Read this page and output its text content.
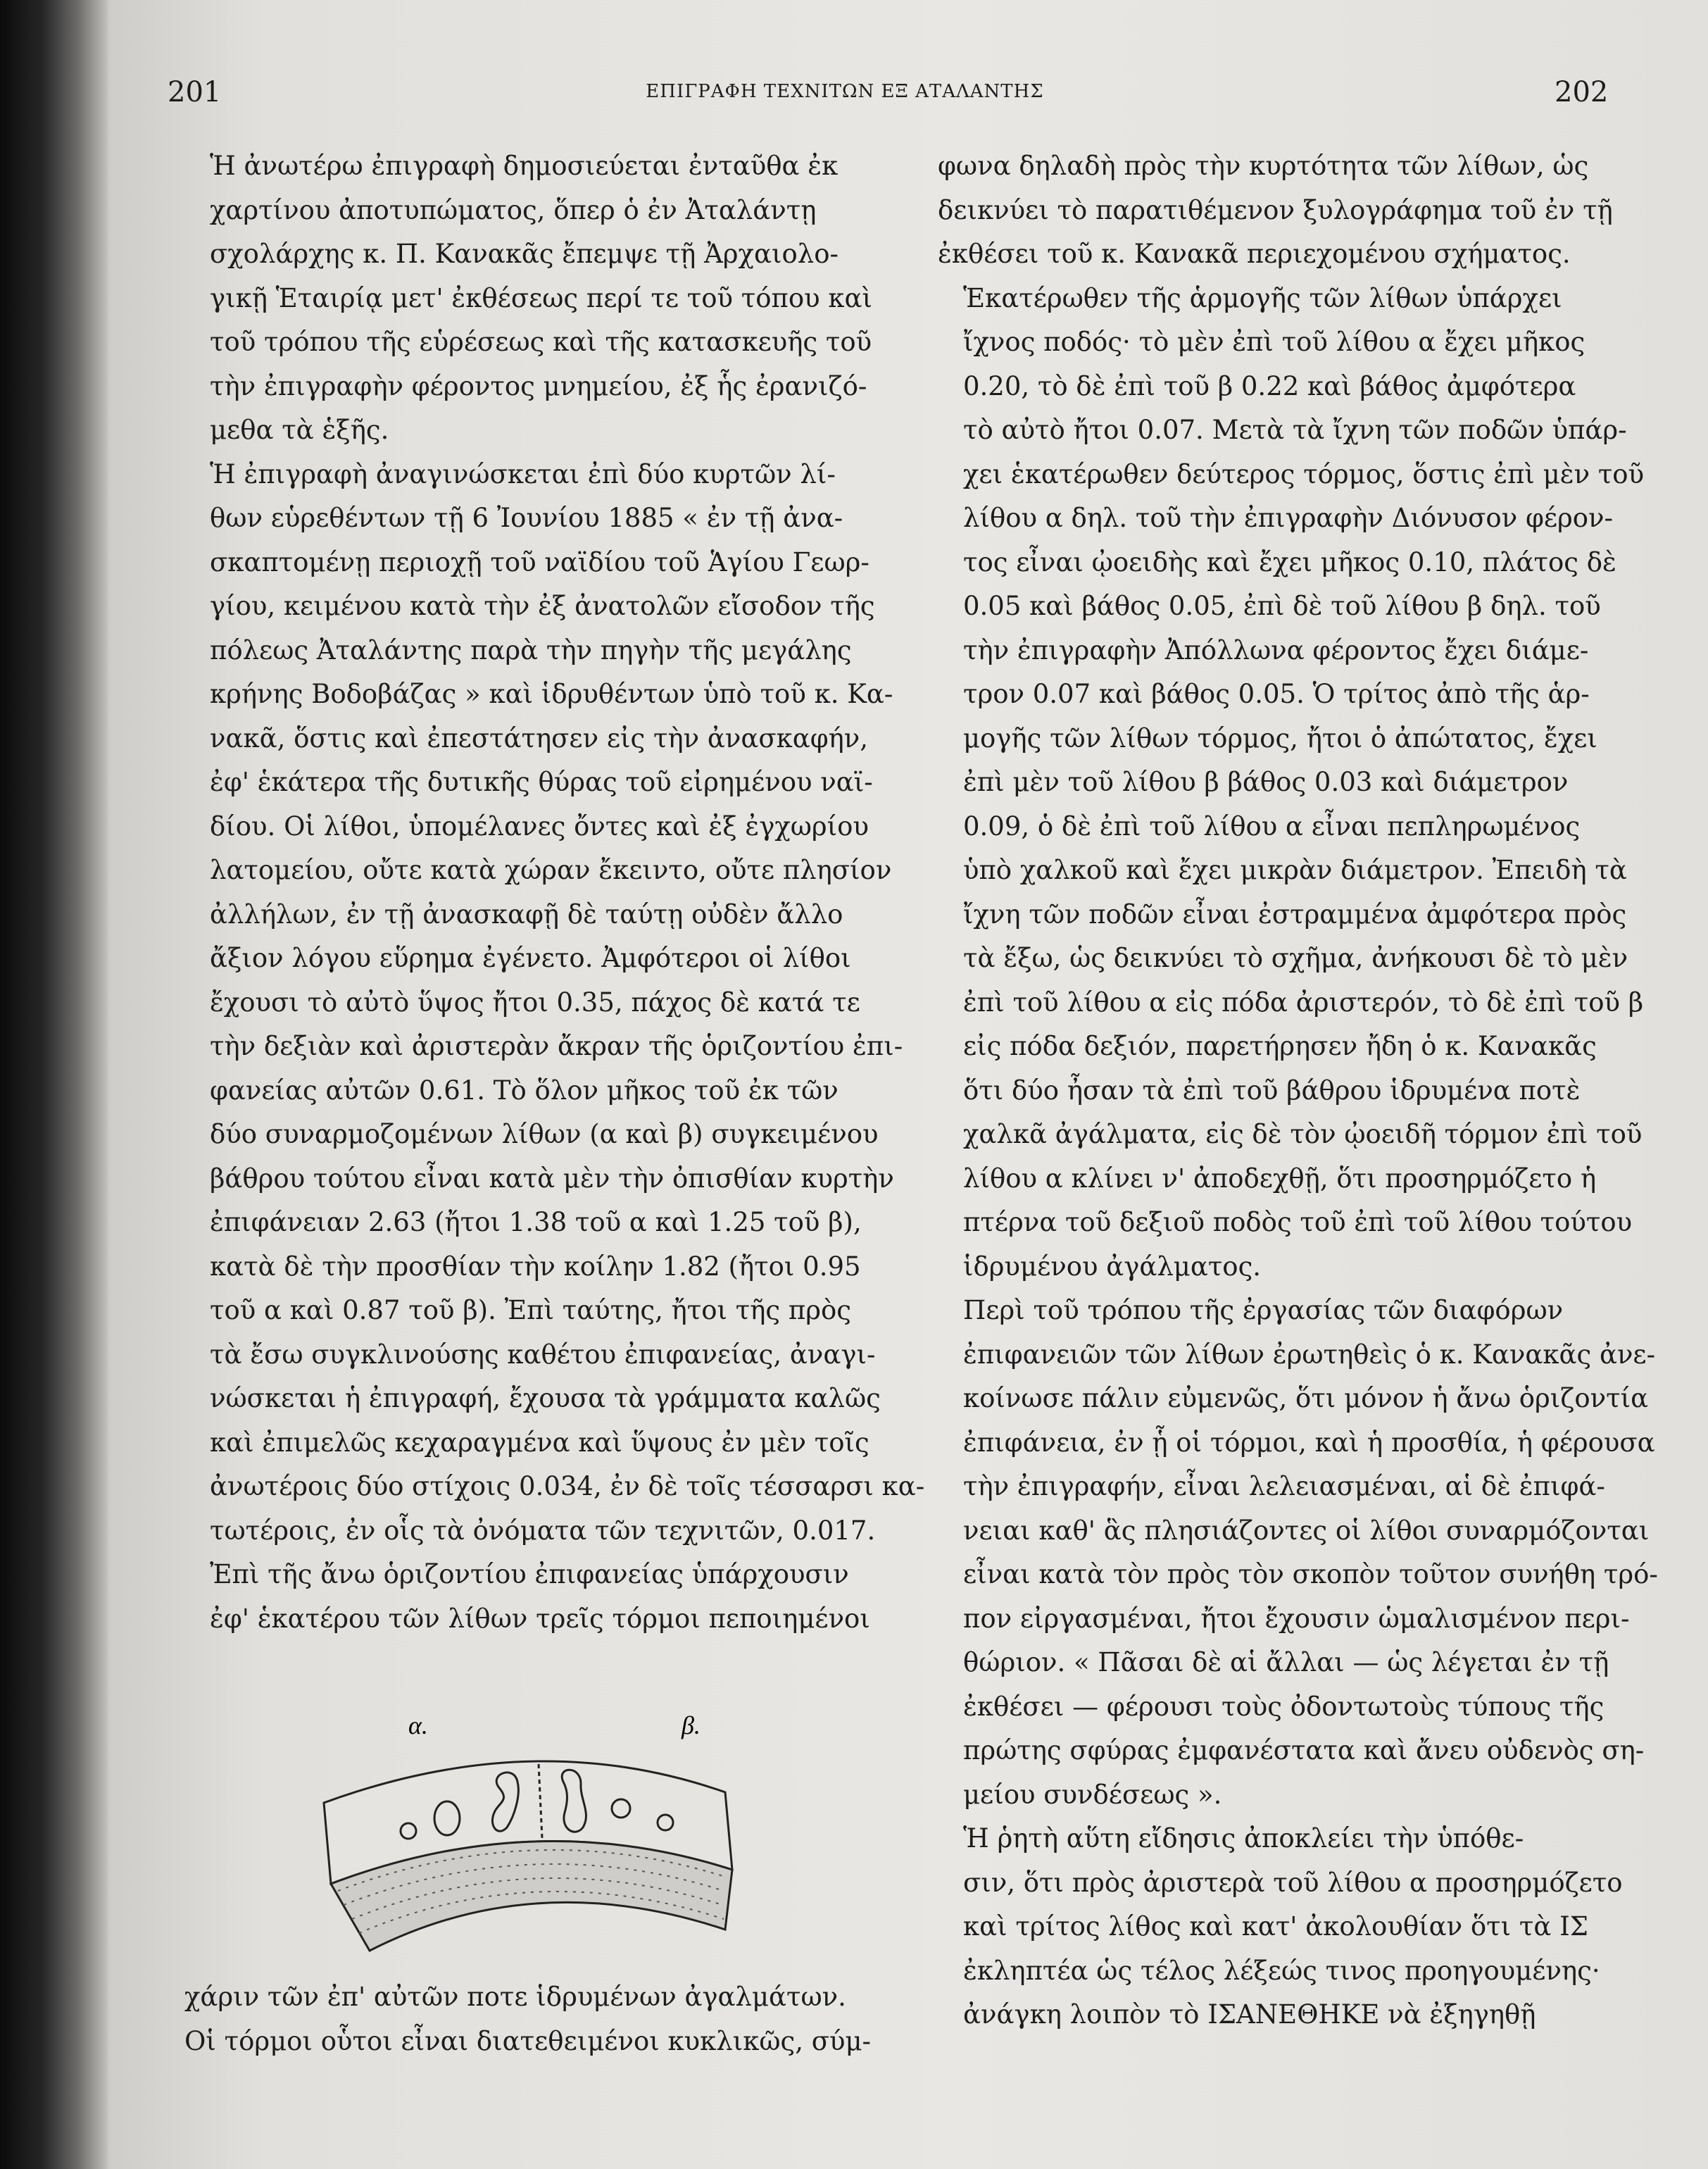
201	ΕΠΙΓΡΑΦΗ ΤΕΧΝΙΤΩΝ ΕΞ ΑΤΑΛΑΝΤΗΣ	202

Ἡ ἀνωτέρω ἐπιγραφὴ δημοσιεύεται ἐνταῦθα ἐκ
χαρτίνου ἀποτυπώματος, ὅπερ ὁ ἐν Ἀταλάντῃ
σχολάρχης κ. Π. Κανακᾶς ἔπεμψε τῇ Ἀρχαιολο-
γικῇ Ἑταιρίᾳ μετ' ἐκθέσεως περί τε τοῦ τόπου καὶ
τοῦ τρόπου τῆς εὑρέσεως καὶ τῆς κατασκευῆς τοῦ
τὴν ἐπιγραφὴν φέροντος μνημείου, ἐξ ἧς ἐρανιζό-
μεθα τὰ ἑξῆς.

Ἡ ἐπιγραφὴ ἀναγινώσκεται ἐπὶ δύο κυρτῶν λί-
θων εὑρεθέντων τῇ 6 Ἰουνίου 1885 « ἐν τῇ ἀνα-
σκαπτομένῃ περιοχῇ τοῦ ναϊδίου τοῦ Ἁγίου Γεωρ-
γίου, κειμένου κατὰ τὴν ἐξ ἀνατολῶν εἴσοδον τῆς
πόλεως Ἀταλάντης παρὰ τὴν πηγὴν τῆς μεγάλης
κρήνης Βοδοβάζας » καὶ ἱδρυθέντων ὑπὸ τοῦ κ. Κα-
νακᾶ, ὅστις καὶ ἐπεστάτησεν εἰς τὴν ἀνασκαφήν,
ἐφ' ἑκάτερα τῆς δυτικῆς θύρας τοῦ εἰρημένου ναϊ-
δίου. Οἱ λίθοι, ὑπομέλανες ὄντες καὶ ἐξ ἐγχωρίου
λατομείου, οὔτε κατὰ χώραν ἔκειντο, οὔτε πλησίον
ἀλλήλων, ἐν τῇ ἀνασκαφῇ δὲ ταύτῃ οὐδὲν ἄλλο
ἄξιον λόγου εὕρημα ἐγένετο. Ἀμφότεροι οἱ λίθοι
ἔχουσι τὸ αὐτὸ ὕψος ἤτοι 0.35, πάχος δὲ κατά τε
τὴν δεξιὰν καὶ ἀριστερὰν ἄκραν τῆς ὁριζοντίου ἐπι-
φανείας αὐτῶν 0.61. Τὸ ὅλον μῆκος τοῦ ἐκ τῶν
δύο συναρμοζομένων λίθων (α καὶ β) συγκειμένου
βάθρου τούτου εἶναι κατὰ μὲν τὴν ὀπισθίαν κυρτὴν
ἐπιφάνειαν 2.63 (ἤτοι 1.38 τοῦ α καὶ 1.25 τοῦ β),
κατὰ δὲ τὴν προσθίαν τὴν κοίλην 1.82 (ἤτοι 0.95
τοῦ α καὶ 0.87 τοῦ β). Ἐπὶ ταύτης, ἤτοι τῆς πρὸς
τὰ ἔσω συγκλινούσης καθέτου ἐπιφανείας, ἀναγι-
νώσκεται ἡ ἐπιγραφή, ἔχουσα τὰ γράμματα καλῶς
καὶ ἐπιμελῶς κεχαραγμένα καὶ ὕψους ἐν μὲν τοῖς
ἀνωτέροις δύο στίχοις 0.034, ἐν δὲ τοῖς τέσσαρσι κα-
τωτέροις, ἐν οἷς τὰ ὀνόματα τῶν τεχνιτῶν, 0.017.

Ἐπὶ τῆς ἄνω ὁριζοντίου ἐπιφανείας ὑπάρχουσιν
ἐφ' ἑκατέρου τῶν λίθων τρεῖς τόρμοι πεποιημένοι

α.	β.
χάριν τῶν ἐπ' αὐτῶν ποτε ἱδρυμένων ἀγαλμάτων.
Οἱ τόρμοι οὗτοι εἶναι διατεθειμένοι κυκλικῶς, σύμ-

φωνα δηλαδὴ πρὸς τὴν κυρτότητα τῶν λίθων, ὡς
δεικνύει τὸ παρατιθέμενον ξυλογράφημα τοῦ ἐν τῇ
ἐκθέσει τοῦ κ. Κανακᾶ περιεχομένου σχήματος.

Ἑκατέρωθεν τῆς ἁρμογῆς τῶν λίθων ὑπάρχει
ἴχνος ποδός· τὸ μὲν ἐπὶ τοῦ λίθου α ἔχει μῆκος
0.20, τὸ δὲ ἐπὶ τοῦ β 0.22 καὶ βάθος ἀμφότερα
τὸ αὐτὸ ἤτοι 0.07. Μετὰ τὰ ἴχνη τῶν ποδῶν ὑπάρ-
χει ἑκατέρωθεν δεύτερος τόρμος, ὅστις ἐπὶ μὲν τοῦ
λίθου α δηλ. τοῦ τὴν ἐπιγραφὴν Διόνυσον φέρον-
τος εἶναι ᾠοειδὴς καὶ ἔχει μῆκος 0.10, πλάτος δὲ
0.05 καὶ βάθος 0.05, ἐπὶ δὲ τοῦ λίθου β δηλ. τοῦ
τὴν ἐπιγραφὴν Ἀπόλλωνα φέροντος ἔχει διάμε-
τρον 0.07 καὶ βάθος 0.05. Ὁ τρίτος ἀπὸ τῆς ἁρ-
μογῆς τῶν λίθων τόρμος, ἤτοι ὁ ἀπώτατος, ἔχει
ἐπὶ μὲν τοῦ λίθου β βάθος 0.03 καὶ διάμετρον
0.09, ὁ δὲ ἐπὶ τοῦ λίθου α εἶναι πεπληρωμένος
ὑπὸ χαλκοῦ καὶ ἔχει μικρὰν διάμετρον. Ἐπειδὴ τὰ
ἴχνη τῶν ποδῶν εἶναι ἐστραμμένα ἀμφότερα πρὸς
τὰ ἔξω, ὡς δεικνύει τὸ σχῆμα, ἀνήκουσι δὲ τὸ μὲν
ἐπὶ τοῦ λίθου α εἰς πόδα ἀριστερόν, τὸ δὲ ἐπὶ τοῦ β
εἰς πόδα δεξιόν, παρετήρησεν ἤδη ὁ κ. Κανακᾶς
ὅτι δύο ἦσαν τὰ ἐπὶ τοῦ βάθρου ἱδρυμένα ποτὲ
χαλκᾶ ἀγάλματα, εἰς δὲ τὸν ᾠοειδῆ τόρμον ἐπὶ τοῦ
λίθου α κλίνει ν' ἀποδεχθῇ, ὅτι προσηρμόζετο ἡ
πτέρνα τοῦ δεξιοῦ ποδὸς τοῦ ἐπὶ τοῦ λίθου τούτου
ἱδρυμένου ἀγάλματος.

Περὶ τοῦ τρόπου τῆς ἐργασίας τῶν διαφόρων
ἐπιφανειῶν τῶν λίθων ἐρωτηθεὶς ὁ κ. Κανακᾶς ἀνε-
κοίνωσε πάλιν εὐμενῶς, ὅτι μόνον ἡ ἄνω ὁριζοντία
ἐπιφάνεια, ἐν ᾗ οἱ τόρμοι, καὶ ἡ προσθία, ἡ φέρουσα
τὴν ἐπιγραφήν, εἶναι λελειασμέναι, αἱ δὲ ἐπιφά-
νειαι καθ' ἃς πλησιάζοντες οἱ λίθοι συναρμόζονται
εἶναι κατὰ τὸν πρὸς τὸν σκοπὸν τοῦτον συνήθη τρό-
πον εἰργασμέναι, ἤτοι ἔχουσιν ὡμαλισμένον περι-
θώριον. « Πᾶσαι δὲ αἱ ἄλλαι — ὡς λέγεται ἐν τῇ
ἐκθέσει — φέρουσι τοὺς ὀδοντωτοὺς τύπους τῆς
πρώτης σφύρας ἐμφανέστατα καὶ ἄνευ οὐδενὸς ση-
μείου συνδέσεως ».

Ἡ ῥητὴ αὕτη εἴδησις ἀποκλείει τὴν ὑπόθε-
σιν, ὅτι πρὸς ἀριστερὰ τοῦ λίθου α προσηρμόζετο
καὶ τρίτος λίθος καὶ κατ' ἀκολουθίαν ὅτι τὰ ΙΣ
ἐκληπτέα ὡς τέλος λέξεώς τινος προηγουμένης·
ἀνάγκη λοιπὸν τὸ ΙΣΑΝΕΘΗΚΕ νὰ ἐξηγηθῇ
